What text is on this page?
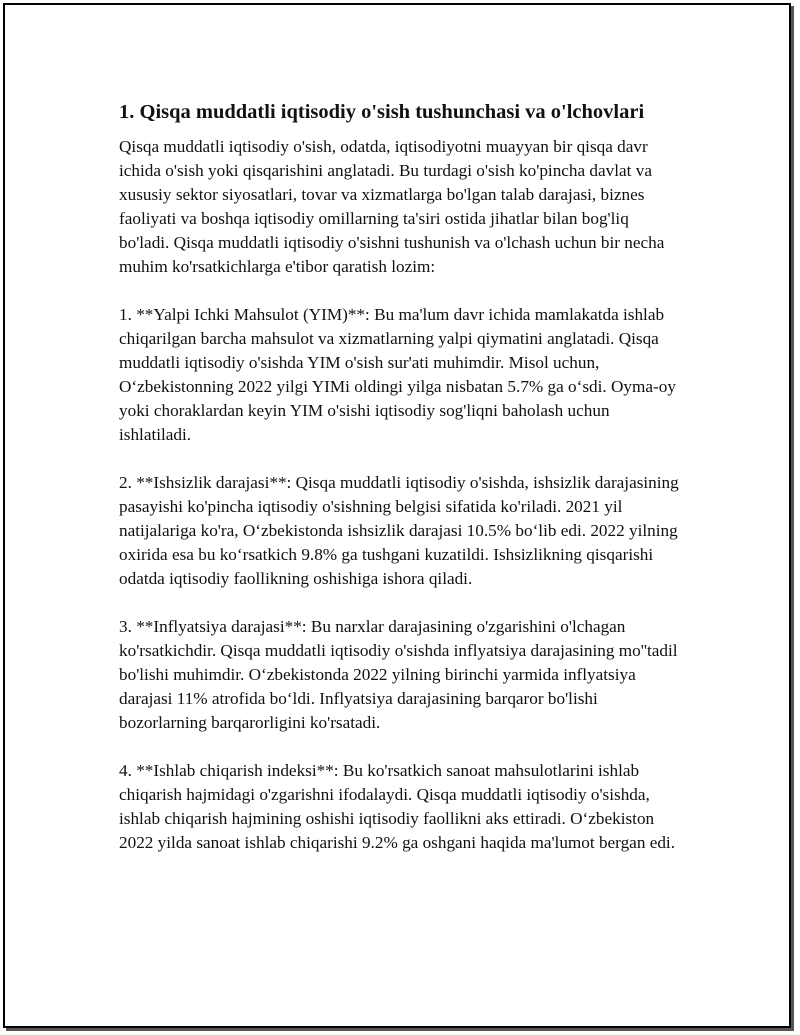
1. Qisqa muddatli iqtisodiy o'sish tushunchasi va o'lchovlari

Qisqa muddatli iqtisodiy o'sish, odatda, iqtisodiyotni muayyan bir qisqa davr ichida o'sish yoki qisqarishini anglatadi. Bu turdagi o'sish ko'pincha davlat va xususiy sektor siyosatlari, tovar va xizmatlarga bo'lgan talab darajasi, biznes faoliyati va boshqa iqtisodiy omillarning ta'siri ostida jihatlar bilan bog'liq bo'ladi. Qisqa muddatli iqtisodiy o'sishni tushunish va o'lchash uchun bir necha muhim ko'rsatkichlarga e'tibor qaratish lozim:

1. **Yalpi Ichki Mahsulot (YIM)**: Bu ma'lum davr ichida mamlakatda ishlab chiqarilgan barcha mahsulot va xizmatlarning yalpi qiymatini anglatadi. Qisqa muddatli iqtisodiy o'sishda YIM o'sish sur'ati muhimdir. Misol uchun, O‘zbekistonning 2022 yilgi YIMi oldingi yilga nisbatan 5.7% ga o‘sdi. Oyma-oy yoki choraklardan keyin YIM o'sishi iqtisodiy sog'liqni baholash uchun ishlatiladi.

2. **Ishsizlik darajasi**: Qisqa muddatli iqtisodiy o'sishda, ishsizlik darajasining pasayishi ko'pincha iqtisodiy o'sishning belgisi sifatida ko'riladi. 2021 yil natijalariga ko'ra, O‘zbekistonda ishsizlik darajasi 10.5% bo‘lib edi. 2022 yilning oxirida esa bu ko‘rsatkich 9.8% ga tushgani kuzatildi. Ishsizlikning qisqarishi odatda iqtisodiy faollikning oshishiga ishora qiladi.

3. **Inflyatsiya darajasi**: Bu narxlar darajasining o'zgarishini o'lchagan ko'rsatkichdir. Qisqa muddatli iqtisodiy o'sishda inflyatsiya darajasining mo''tadil bo'lishi muhimdir. O‘zbekistonda 2022 yilning birinchi yarmida inflyatsiya darajasi 11% atrofida bo‘ldi. Inflyatsiya darajasining barqaror bo'lishi bozorlarning barqarorligini ko'rsatadi.

4. **Ishlab chiqarish indeksi**: Bu ko'rsatkich sanoat mahsulotlarini ishlab chiqarish hajmidagi o'zgarishni ifodalaydi. Qisqa muddatli iqtisodiy o'sishda, ishlab chiqarish hajmining oshishi iqtisodiy faollikni aks ettiradi. O‘zbekiston 2022 yilda sanoat ishlab chiqarishi 9.2% ga oshgani haqida ma'lumot bergan edi.
